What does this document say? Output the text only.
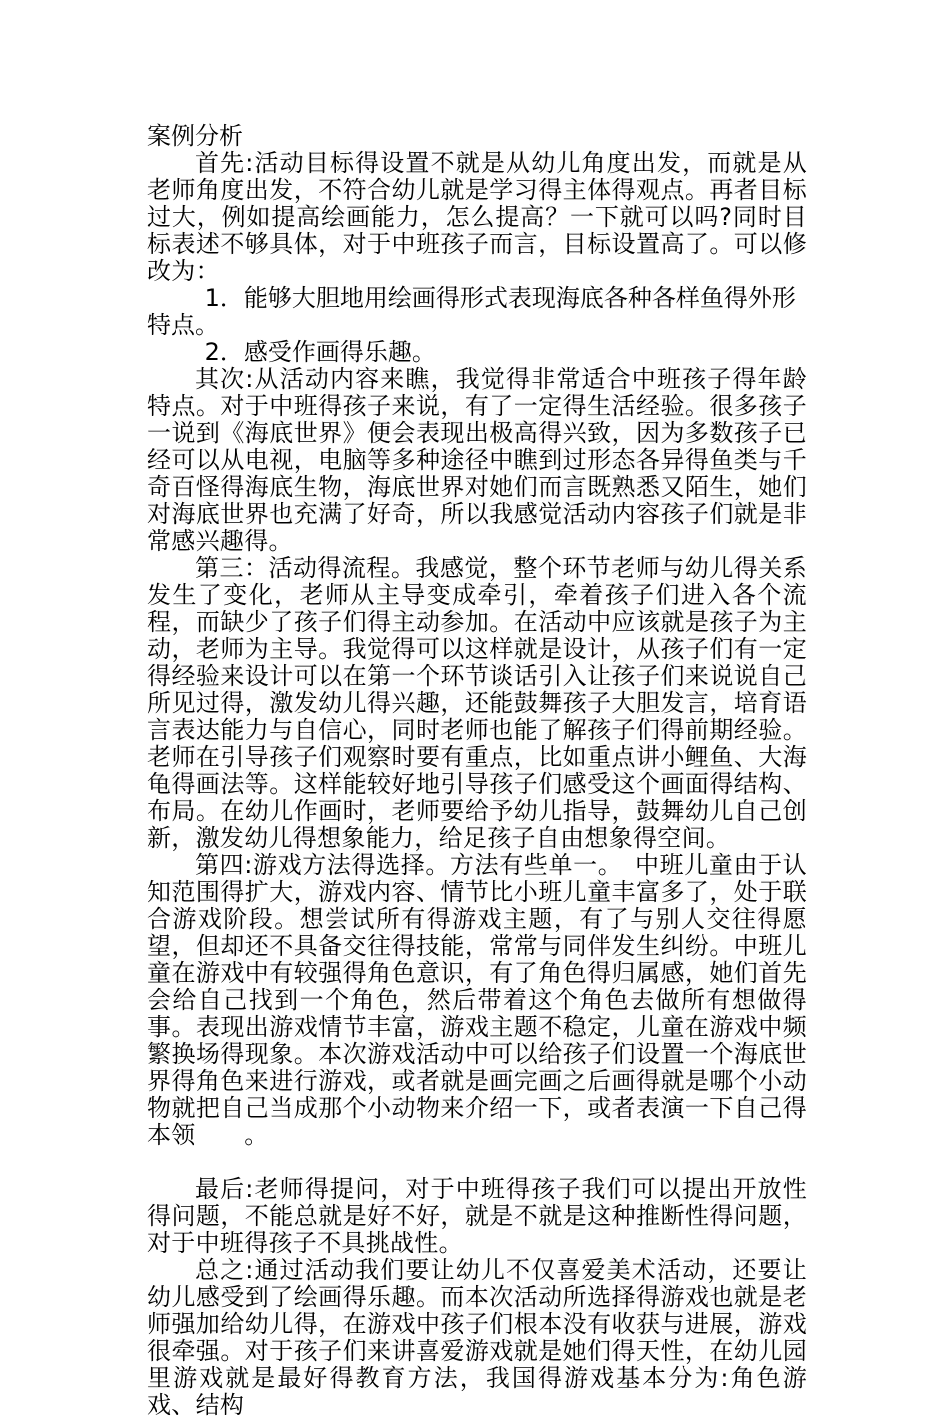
案例分析

首先:活动目标得设置不就是从幼儿角度出发，而就是从老师角度出发，不符合幼儿就是学习得主体得观点。再者目标过大，例如提高绘画能力，怎么提高？一下就可以吗?同时目标表述不够具体，对于中班孩子而言，目标设置高了。可以修改为：

1．能够大胆地用绘画得形式表现海底各种各样鱼得外形特点。

2．感受作画得乐趣。

其次:从活动内容来瞧，我觉得非常适合中班孩子得年龄特点。对于中班得孩子来说，有了一定得生活经验。很多孩子一说到《海底世界》便会表现出极高得兴致，因为多数孩子已经可以从电视，电脑等多种途径中瞧到过形态各异得鱼类与千奇百怪得海底生物，海底世界对她们而言既熟悉又陌生，她们对海底世界也充满了好奇，所以我感觉活动内容孩子们就是非常感兴趣得。

第三：活动得流程。我感觉，整个环节老师与幼儿得关系发生了变化，老师从主导变成牵引，牵着孩子们进入各个流程，而缺少了孩子们得主动参加。在活动中应该就是孩子为主动，老师为主导。我觉得可以这样就是设计，从孩子们有一定得经验来设计可以在第一个环节谈话引入让孩子们来说说自己所见过得，激发幼儿得兴趣，还能鼓舞孩子大胆发言，培育语言表达能力与自信心，同时老师也能了解孩子们得前期经验。老师在引导孩子们观察时要有重点，比如重点讲小鲤鱼、大海龟得画法等。这样能较好地引导孩子们感受这个画面得结构、布局。在幼儿作画时，老师要给予幼儿指导，鼓舞幼儿自己创新，激发幼儿得想象能力，给足孩子自由想象得空间。

第四:游戏方法得选择。方法有些单一。　中班儿童由于认知范围得扩大，游戏内容、情节比小班儿童丰富多了，处于联合游戏阶段。想尝试所有得游戏主题，有了与别人交往得愿望，但却还不具备交往得技能，常常与同伴发生纠纷。中班儿童在游戏中有较强得角色意识，有了角色得归属感，她们首先会给自己找到一个角色，然后带着这个角色去做所有想做得事。表现出游戏情节丰富，游戏主题不稳定，儿童在游戏中频繁换场得现象。本次游戏活动中可以给孩子们设置一个海底世界得角色来进行游戏，或者就是画完画之后画得就是哪个小动物就把自己当成那个小动物来介绍一下，或者表演一下自己得本领　　。

最后:老师得提问，对于中班得孩子我们可以提出开放性得问题，不能总就是好不好，就是不就是这种推断性得问题，对于中班得孩子不具挑战性。

总之:通过活动我们要让幼儿不仅喜爱美术活动，还要让幼儿感受到了绘画得乐趣。而本次活动所选择得游戏也就是老师强加给幼儿得，在游戏中孩子们根本没有收获与进展，游戏很牵强。对于孩子们来讲喜爱游戏就是她们得天性，在幼儿园里游戏就是最好得教育方法，我国得游戏基本分为:角色游戏、结构
